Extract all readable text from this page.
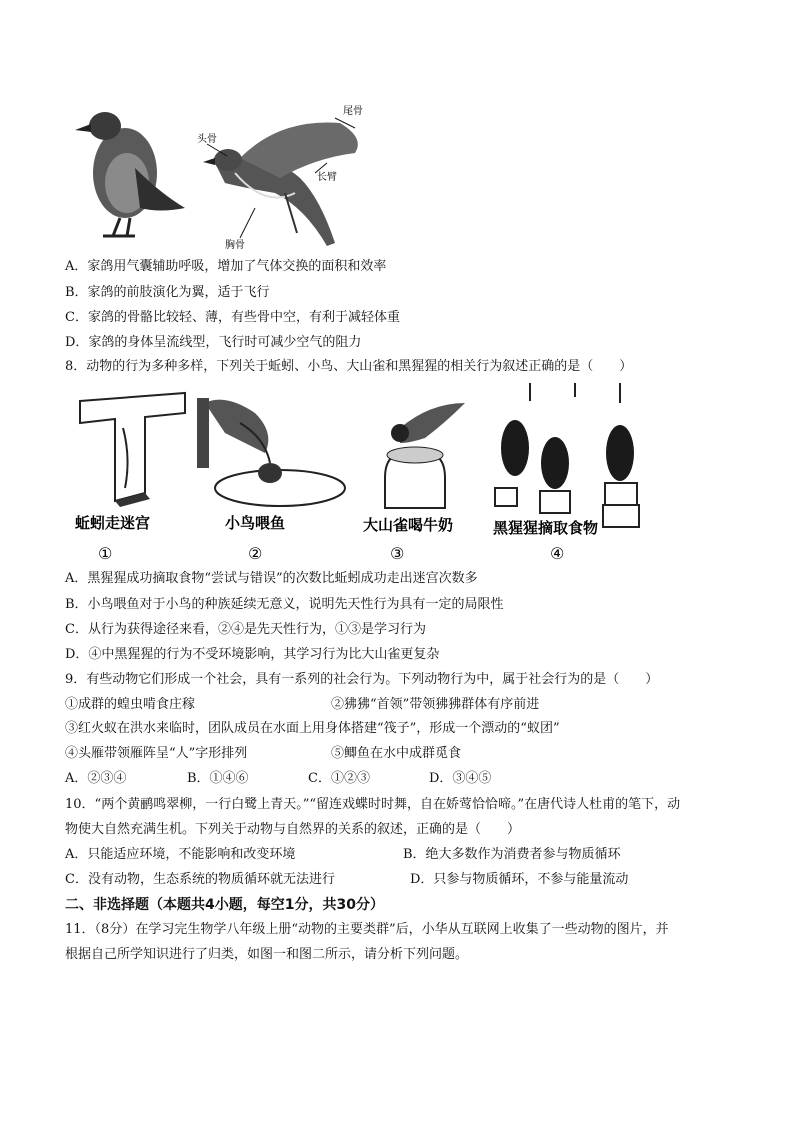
头骨
尾骨
长臂
胸骨
A．家鸽用气囊辅助呼吸，增加了气体交换的面积和效率
B．家鸽的前肢演化为翼，适于飞行
C．家鸽的骨骼比较轻、薄，有些骨中空，有利于减轻体重
D．家鸽的身体呈流线型，飞行时可减少空气的阻力
8．动物的行为多种多样，下列关于蚯蚓、小鸟、大山雀和黑猩猩的相关行为叙述正确的是（　　）
蚯蚓走迷宫	小鸟喂鱼	大山雀喝牛奶	黑猩猩摘取食物
①	②	③	④
A．黑猩猩成功摘取食物“尝试与错误”的次数比蚯蚓成功走出迷宫次数多
B．小鸟喂鱼对于小鸟的种族延续无意义，说明先天性行为具有一定的局限性
C．从行为获得途径来看，②④是先天性行为，①③是学习行为
D．④中黑猩猩的行为不受环境影响，其学习行为比大山雀更复杂
9．有些动物它们形成一个社会，具有一系列的社会行为。下列动物行为中，属于社会行为的是（　　）
①成群的蝗虫啃食庄稼	②狒狒“首领”带领狒狒群体有序前进
③红火蚁在洪水来临时，团队成员在水面上用身体搭建“筏子”，形成一个漂动的“蚁团”
④头雁带领雁阵呈“人”字形排列	⑤鲫鱼在水中成群觅食
A．②③④	B．①④⑥	C．①②③	D．③④⑤
10．“两个黄鹂鸣翠柳，一行白鹭上青天。”“留连戏蝶时时舞，自在娇莺恰恰啼。”在唐代诗人杜甫的笔下，动
物使大自然充满生机。下列关于动物与自然界的关系的叙述，正确的是（　　）
A．只能适应环境，不能影响和改变环境	B．绝大多数作为消费者参与物质循环
C．没有动物，生态系统的物质循环就无法进行	D．只参与物质循环，不参与能量流动
二、非选择题（本题共4小题，每空1分，共30分）
11．（8分）在学习完生物学八年级上册“动物的主要类群”后，小华从互联网上收集了一些动物的图片，并
根据自己所学知识进行了归类，如图一和图二所示，请分析下列问题。
